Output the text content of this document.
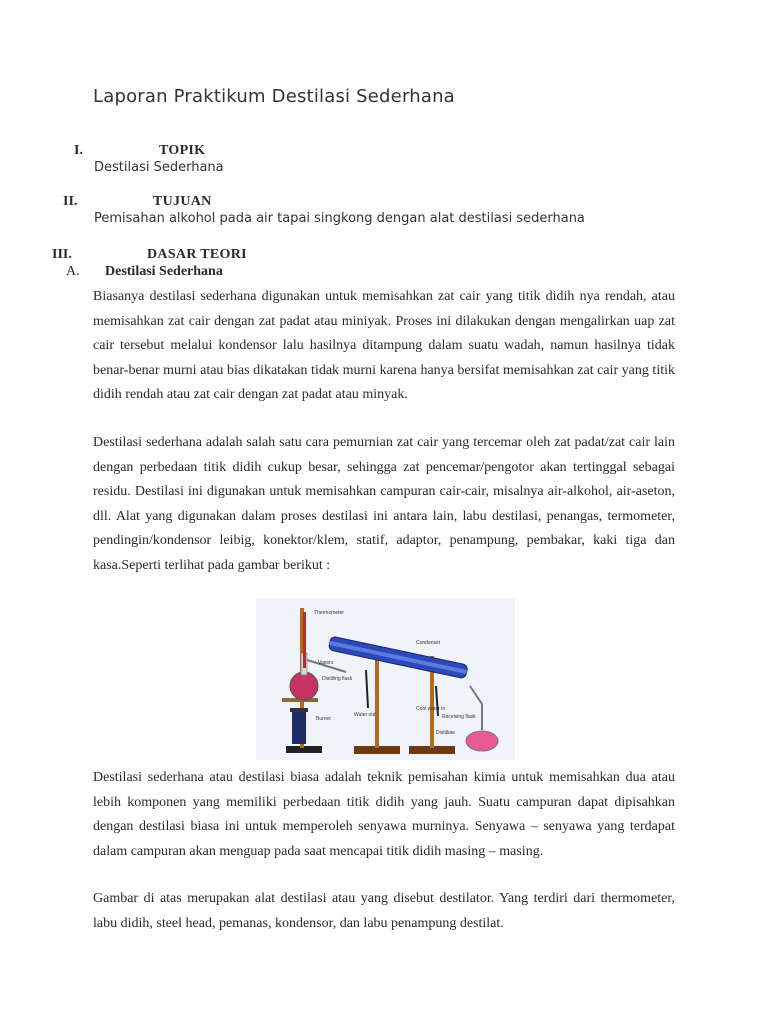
Laporan Praktikum Destilasi Sederhana
I.	TOPIK
Destilasi Sederhana
II.	TUJUAN
Pemisahan alkohol pada air tapai singkong dengan alat destilasi sederhana
III.	DASAR TEORI
A. Destilasi Sederhana
Biasanya destilasi sederhana digunakan untuk memisahkan zat cair yang titik didih nya rendah, atau memisahkan zat cair dengan zat padat atau miniyak. Proses ini dilakukan dengan mengalirkan uap zat cair tersebut melalui kondensor lalu hasilnya ditampung dalam suatu wadah, namun hasilnya tidak benar-benar murni atau bias dikatakan tidak murni karena hanya bersifat memisahkan zat cair yang titik didih rendah atau zat cair dengan zat padat atau minyak.
Destilasi sederhana adalah salah satu cara pemurnian zat cair yang tercemar oleh zat padat/zat cair lain dengan perbedaan titik didih cukup besar, sehingga zat pencemar/pengotor akan tertinggal sebagai residu. Destilasi ini digunakan untuk memisahkan campuran cair-cair, misalnya air-alkohol, air-aseton, dll. Alat yang digunakan dalam proses destilasi ini antara lain, labu destilasi, penangas, termometer, pendingin/kondensor leibig, konektor/klem, statif, adaptor, penampung, pembakar, kaki tiga dan kasa.Seperti terlihat pada gambar berikut :
Thermometer
Vapors
Distilling flask
Burner
Condenser
Water out
Cool water in
Receiving flask
Distillate
Destilasi sederhana atau destilasi biasa adalah teknik pemisahan kimia untuk memisahkan dua atau lebih komponen yang memiliki perbedaan titik didih yang jauh. Suatu campuran dapat dipisahkan dengan destilasi biasa ini untuk memperoleh senyawa murninya. Senyawa – senyawa yang terdapat dalam campuran akan menguap pada saat mencapai titik didih masing – masing.
Gambar di atas merupakan alat destilasi atau yang disebut destilator. Yang terdiri dari thermometer, labu didih, steel head, pemanas, kondensor, dan labu penampung destilat.
